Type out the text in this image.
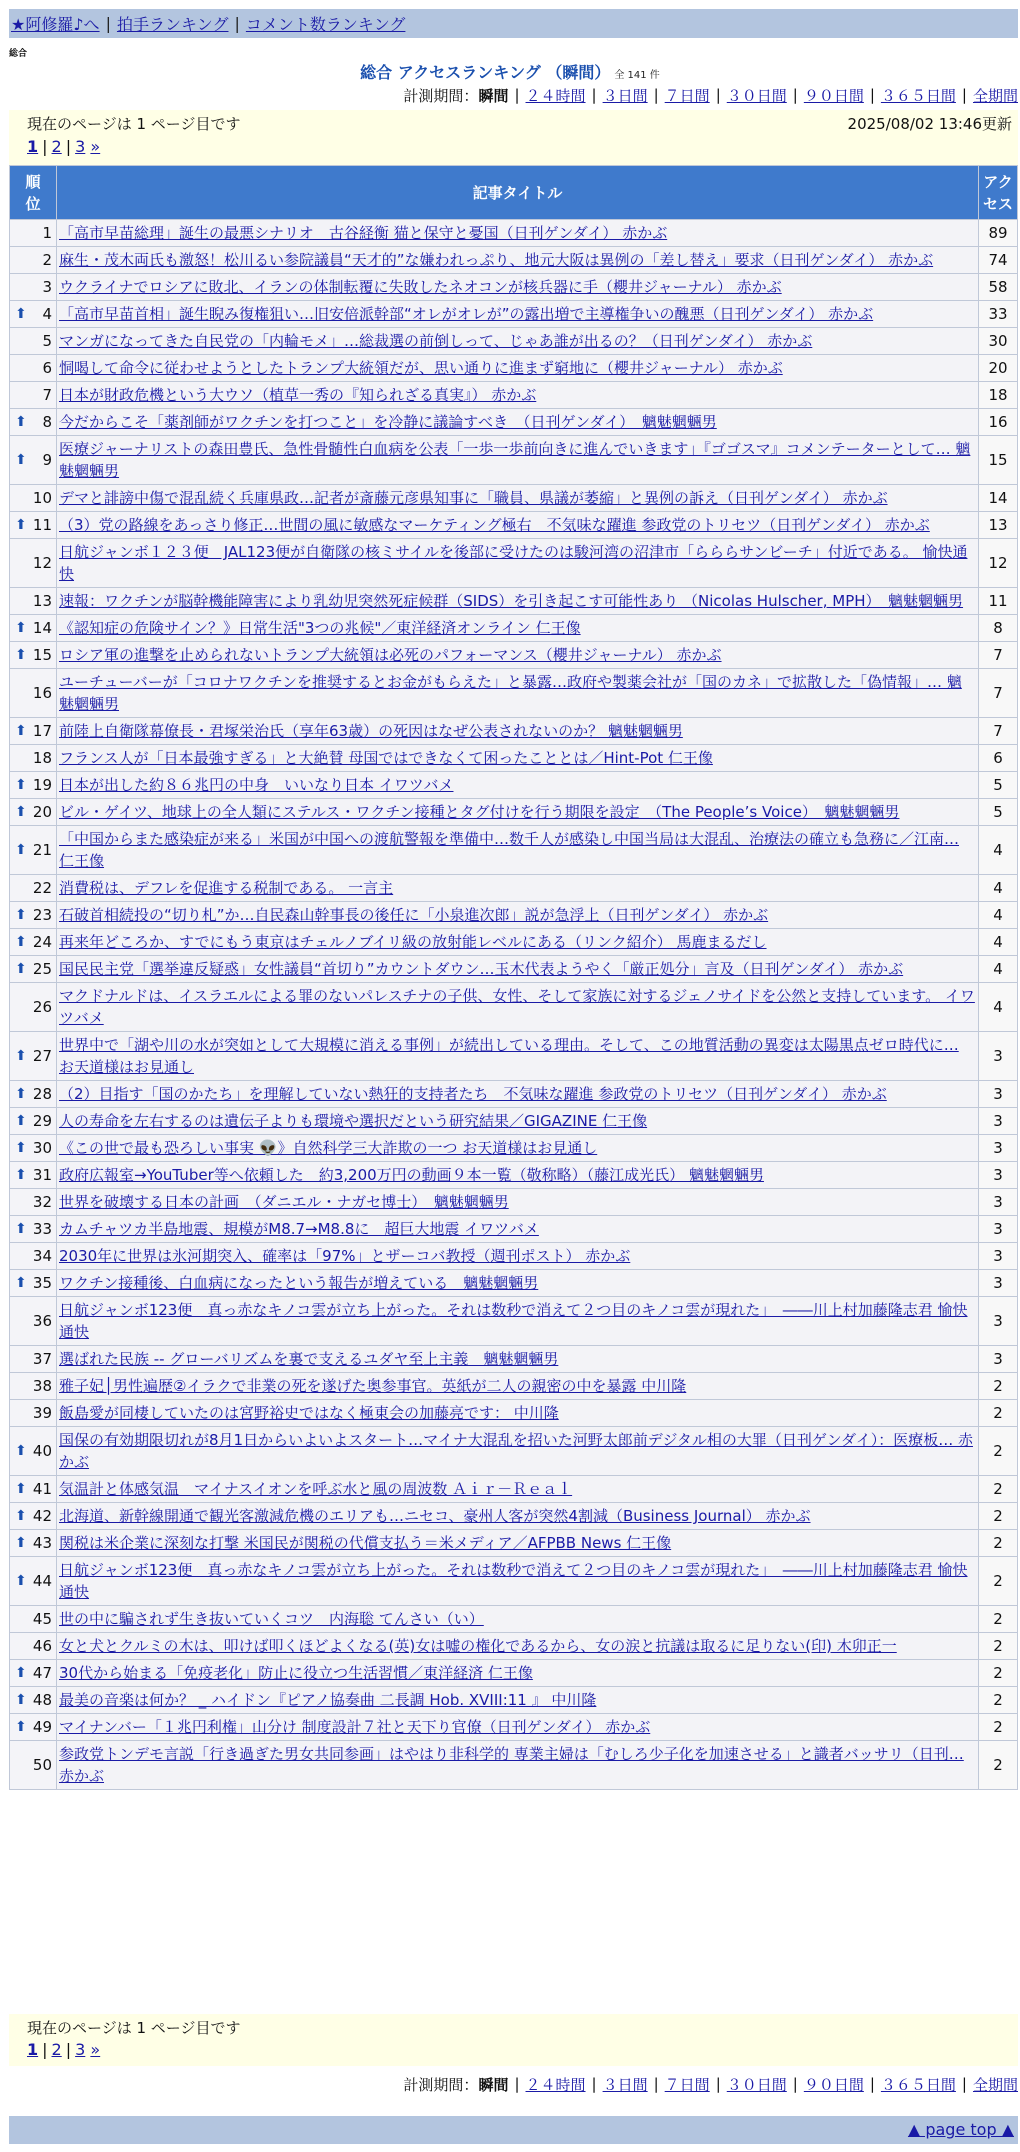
★阿修羅♪へ | 拍手ランキング | コメント数ランキング
総合
総合 アクセスランキング （瞬間） 全 141 件
計測期間： 瞬間 | ２４時間 | ３日間 | ７日間 | ３０日間 | ９０日間 | ３６５日間 | 全期間
現在のページは 1 ページ目です	2025/08/02 13:46更新
1 | 2 | 3 »
順位	記事タイトル	アクセス

1	「高市早苗総理」誕生の最悪シナリオ　古谷経衡 猫と保守と憂国（日刊ゲンダイ） 赤かぶ	89
2	麻生・茂木両氏も激怒！松川るい参院議員“天才的”な嫌われっぷり、地元大阪は異例の「差し替え」要求（日刊ゲンダイ） 赤かぶ	74
3	ウクライナでロシアに敗北、イランの体制転覆に失敗したネオコンが核兵器に手（櫻井ジャーナル） 赤かぶ	58

⬆ 4	「高市早苗首相」誕生睨み復権狙い…旧安倍派幹部“オレがオレが”の露出増で主導権争いの醜悪（日刊ゲンダイ） 赤かぶ	33
5	マンガになってきた自民党の「内輪モメ」…総裁選の前倒しって、じゃあ誰が出るの？（日刊ゲンダイ） 赤かぶ	30
6	恫喝して命令に従わせようとしたトランプ大統領だが、思い通りに進まず窮地に（櫻井ジャーナル） 赤かぶ	20
7	日本が財政危機という大ウソ（植草一秀の『知られざる真実』） 赤かぶ	18

⬆ 8	今だからこそ「薬剤師がワクチンを打つこと」を冷静に議論すべき　（日刊ゲンダイ）　魑魅魍魎男	16

⬆ 9	医療ジャーナリストの森田豊氏、急性骨髄性白血病を公表「一歩一歩前向きに進んでいきます」『ゴゴスマ』コメンテーターとして… 魑魅魍魎男	15
10	デマと誹謗中傷で混乱続く兵庫県政…記者が斎藤元彦県知事に「職員、県議が萎縮」と異例の訴え（日刊ゲンダイ） 赤かぶ	14

⬆ 11	（3）党の路線をあっさり修正…世間の風に敏感なマーケティング極右　不気味な躍進 参政党のトリセツ（日刊ゲンダイ） 赤かぶ	13
12	日航ジャンボ１２３便　JAL123便が自衛隊の核ミサイルを後部に受けたのは駿河湾の沼津市「らららサンビーチ」付近である。 愉快通快	12
13	速報：ワクチンが脳幹機能障害により乳幼児突然死症候群（SIDS）を引き起こす可能性あり （Nicolas Hulscher, MPH）　魑魅魍魎男	11

⬆ 14	《認知症の危険サイン？》日常生活"3つの兆候"／東洋経済オンライン 仁王像	8

⬆ 15	ロシア軍の進撃を止められないトランプ大統領は必死のパフォーマンス（櫻井ジャーナル） 赤かぶ	7
16	ユーチューバーが「コロナワクチンを推奨するとお金がもらえた」と暴露…政府や製薬会社が「国のカネ」で拡散した「偽情報」… 魑魅魍魎男	7

⬆ 17	前陸上自衛隊幕僚長・君塚栄治氏（享年63歳）の死因はなぜ公表されないのか？ 魑魅魍魎男	7
18	フランス人が「日本最強すぎる」と大絶賛 母国ではできなくて困ったこととは／Hint-Pot 仁王像	6

⬆ 19	日本が出した約８６兆円の中身　いいなり日本 イワツバメ	5

⬆ 20	ビル・ゲイツ、地球上の全人類にステルス・ワクチン接種とタグ付けを行う期限を設定　（The People’s Voice）　魑魅魍魎男	5

⬆ 21	「中国からまた感染症が来る」米国が中国への渡航警報を準備中…数千人が感染し中国当局は大混乱、治療法の確立も急務に／江南… 仁王像	4
22	消費税は、デフレを促進する税制である。 一言主	4

⬆ 23	石破首相続投の“切り札”か…自民森山幹事長の後任に「小泉進次郎」説が急浮上（日刊ゲンダイ） 赤かぶ	4

⬆ 24	再来年どころか、すでにもう東京はチェルノブイリ級の放射能レベルにある（リンク紹介） 馬鹿まるだし	4

⬆ 25	国民民主党「選挙違反疑惑」女性議員“首切り”カウントダウン…玉木代表ようやく「厳正処分」言及（日刊ゲンダイ） 赤かぶ	4
26	マクドナルドは、イスラエルによる罪のないパレスチナの子供、女性、そして家族に対するジェノサイドを公然と支持しています。 イワツバメ	4

⬆ 27	世界中で「湖や川の水が突如として大規模に消える事例」が続出している理由。そして、この地質活動の異変は太陽黒点ゼロ時代に… お天道様はお見通し	3

⬆ 28	（2）目指す「国のかたち」を理解していない熱狂的支持者たち　不気味な躍進 参政党のトリセツ（日刊ゲンダイ） 赤かぶ	3

⬆ 29	人の寿命を左右するのは遺伝子よりも環境や選択だという研究結果／GIGAZINE 仁王像	3

⬆ 30	《この世で最も恐ろしい事実 👽》自然科学三大詐欺の一つ お天道様はお見通し	3

⬆ 31	政府広報室→YouTuber等へ依頼した　約3,200万円の動画９本一覧（敬称略）（藤江成光氏） 魑魅魍魎男	3
32	世界を破壊する日本の計画　（ダニエル・ナガセ博士）　魑魅魍魎男	3

⬆ 33	カムチャツカ半島地震、規模がM8.7→M8.8に　超巨大地震 イワツバメ	3
34	2030年に世界は氷河期突入、確率は「97%」とザーコバ教授（週刊ポスト） 赤かぶ	3

⬆ 35	ワクチン接種後、白血病になったという報告が増えている　魑魅魍魎男	3
36	日航ジャンボ123便　真っ赤なキノコ雲が立ち上がった。それは数秒で消えて２つ目のキノコ雲が現れた」　――川上村加藤隆志君 愉快通快	3
37	選ばれた民族 -- グローバリズムを裏で支えるユダヤ至上主義　魑魅魍魎男	3
38	雅子妃│男性遍歴②イラクで非業の死を遂げた奥参事官。英紙が二人の親密の中を暴露 中川隆	2
39	飯島愛が同棲していたのは宮野裕史ではなく極東会の加藤亮です： 中川隆	2

⬆ 40	国保の有効期限切れが8月1日からいよいよスタート…マイナ大混乱を招いた河野太郎前デジタル相の大罪（日刊ゲンダイ）：医療板… 赤かぶ	2

⬆ 41	気温計と体感気温　マイナスイオンを呼ぶ水と風の周波数 Ａｉｒ－Ｒｅａｌ	2

⬆ 42	北海道、新幹線開通で観光客激減危機のエリアも…ニセコ、豪州人客が突然4割減（Business Journal） 赤かぶ	2

⬆ 43	関税は米企業に深刻な打撃 米国民が関税の代償支払う＝米メディア／AFPBB News 仁王像	2

⬆ 44	日航ジャンボ123便　真っ赤なキノコ雲が立ち上がった。それは数秒で消えて２つ目のキノコ雲が現れた」　――川上村加藤隆志君 愉快通快	2
45	世の中に騙されず生き抜いていくコツ　内海聡 てんさい（い）	2
46	女と犬とクルミの木は、叩けば叩くほどよくなる(英)女は嘘の権化であるから、女の涙と抗議は取るに足りない(印) 木卯正一	2

⬆ 47	30代から始まる「免疫老化」防止に役立つ生活習慣／東洋経済 仁王像	2

⬆ 48	最美の音楽は何か？ _ ハイドン『ピアノ協奏曲 二長調 Hob. XVIII:11 』 中川隆	2

⬆ 49	マイナンバー「１兆円利権」山分け 制度設計７社と天下り官僚（日刊ゲンダイ） 赤かぶ	2
50	参政党トンデモ言説「行き過ぎた男女共同参画」はやはり非科学的 専業主婦は「むしろ少子化を加速させる」と識者バッサリ（日刊… 赤かぶ	2
現在のページは 1 ページ目です
1 | 2 | 3 »
計測期間： 瞬間 | ２４時間 | ３日間 | ７日間 | ３０日間 | ９０日間 | ３６５日間 | 全期間
▲ page top ▲
